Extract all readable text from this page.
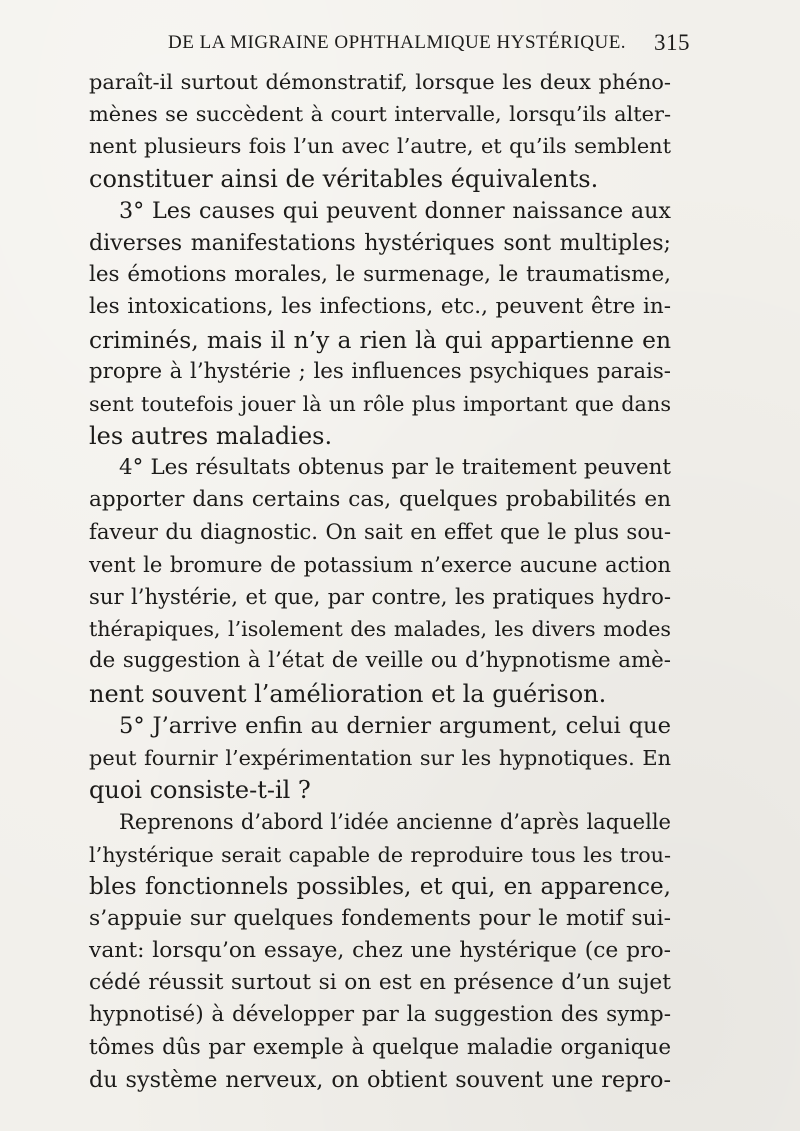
DE LA MIGRAINE OPHTHALMIQUE HYSTÉRIQUE. 315
paraît-il surtout démonstratif, lorsque les deux phéno-
mènes se succèdent à court intervalle, lorsqu’ils alter-
nent plusieurs fois l’un avec l’autre, et qu’ils semblent
constituer ainsi de véritables équivalents.
3° Les causes qui peuvent donner naissance aux
diverses manifestations hystériques sont multiples;
les émotions morales, le surmenage, le traumatisme,
les intoxications, les infections, etc., peuvent être in-
criminés, mais il n’y a rien là qui appartienne en
propre à l’hystérie ; les influences psychiques parais-
sent toutefois jouer là un rôle plus important que dans
les autres maladies.
4° Les résultats obtenus par le traitement peuvent
apporter dans certains cas, quelques probabilités en
faveur du diagnostic. On sait en effet que le plus sou-
vent le bromure de potassium n’exerce aucune action
sur l’hystérie, et que, par contre, les pratiques hydro-
thérapiques, l’isolement des malades, les divers modes
de suggestion à l’état de veille ou d’hypnotisme amè-
nent souvent l’amélioration et la guérison.
5° J’arrive enfin au dernier argument, celui que
peut fournir l’expérimentation sur les hypnotiques. En
quoi consiste-t-il ?
Reprenons d’abord l’idée ancienne d’après laquelle
l’hystérique serait capable de reproduire tous les trou-
bles fonctionnels possibles, et qui, en apparence,
s’appuie sur quelques fondements pour le motif sui-
vant: lorsqu’on essaye, chez une hystérique (ce pro-
cédé réussit surtout si on est en présence d’un sujet
hypnotisé) à développer par la suggestion des symp-
tômes dûs par exemple à quelque maladie organique
du système nerveux, on obtient souvent une repro-
